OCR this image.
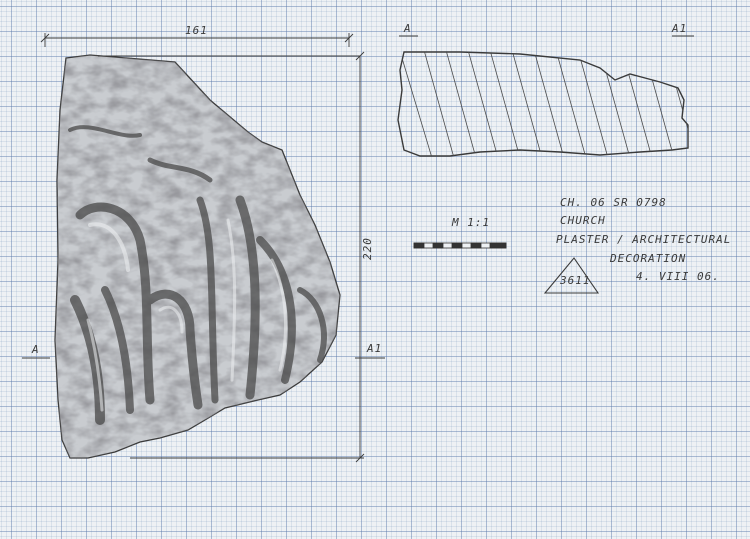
161

220

A	A1

A	A1

M 1:1

CH. 06 SR 0798

CHURCH

PLASTER / ARCHITECTURAL

DECORATION

4. VIII 06.

3611
